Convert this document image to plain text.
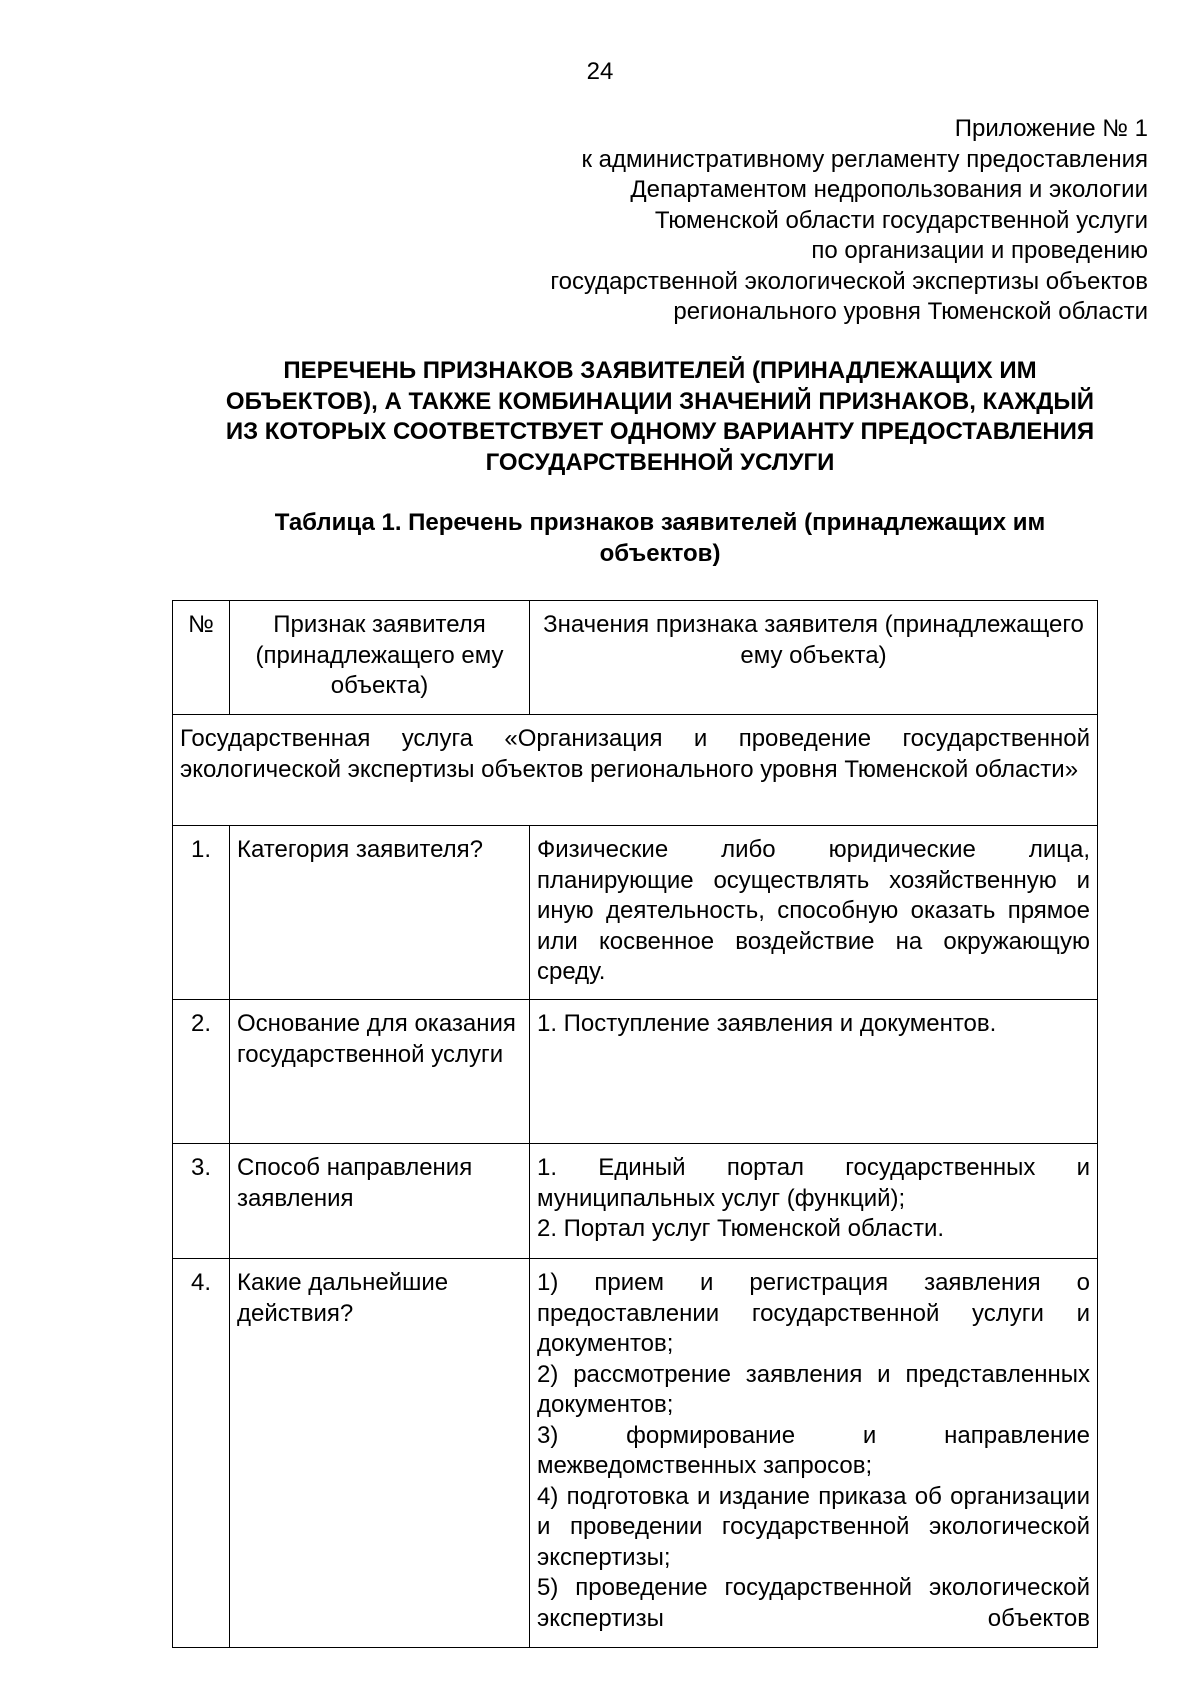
24
Приложение № 1
к административному регламенту предоставления
Департаментом недропользования и экологии
Тюменской области государственной услуги
по организации и проведению
государственной экологической экспертизы объектов
регионального уровня Тюменской области
ПЕРЕЧЕНЬ ПРИЗНАКОВ ЗАЯВИТЕЛЕЙ (ПРИНАДЛЕЖАЩИХ ИМ
ОБЪЕКТОВ), А ТАКЖЕ КОМБИНАЦИИ ЗНАЧЕНИЙ ПРИЗНАКОВ, КАЖДЫЙ
ИЗ КОТОРЫХ СООТВЕТСТВУЕТ ОДНОМУ ВАРИАНТУ ПРЕДОСТАВЛЕНИЯ
ГОСУДАРСТВЕННОЙ УСЛУГИ
Таблица 1. Перечень признаков заявителей (принадлежащих им
объектов)
№	Признак заявителя (принадлежащего ему объекта)	Значения признака заявителя (принадлежащего ему объекта)
Государственная услуга «Организация и проведение государственной экологической экспертизы объектов регионального уровня Тюменской области»		
1.	Категория заявителя?	Физические либо юридические лица, планирующие осуществлять хозяйственную и иную деятельность, способную оказать прямое или косвенное воздействие на окружающую среду.

2.	Основание для оказания государственной услуги	1. Поступление заявления и документов.

3.	Способ направления заявления	1. Единый портал государственных и муниципальных услуг (функций);
2. Портал услуг Тюменской области.

4.	Какие дальнейшие действия?	1) прием и регистрация заявления о предоставлении государственной услуги и документов;
2) рассмотрение заявления и представленных документов;
3) формирование и направление межведомственных запросов;
4) подготовка и издание приказа об организации и проведении государственной экологической экспертизы;
5) проведение государственной экологической экспертизы объектов
